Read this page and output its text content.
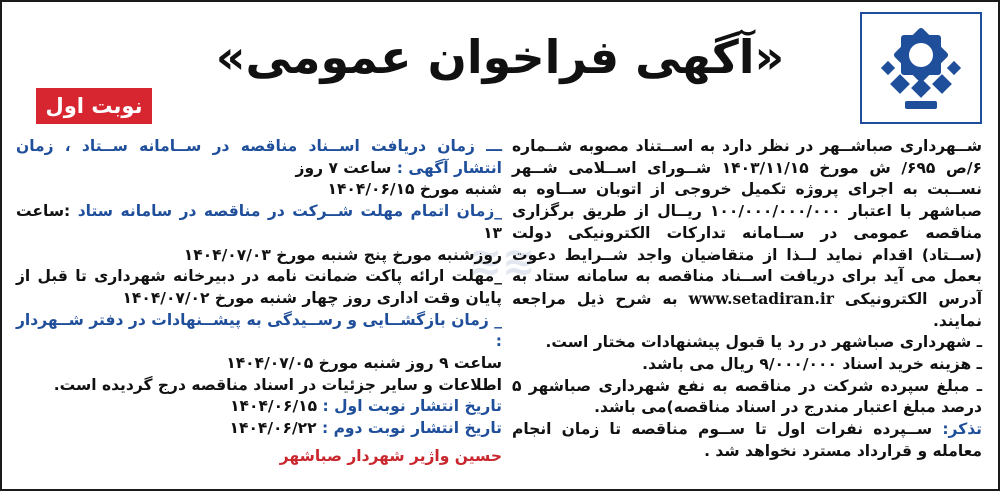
«آگهی فراخوان عمومی»
نوبت اول
≋≋

شــهرداری صباشــهر در نظر دارد به اســتناد مصوبه شــماره ۶/ص ۶۹۵/ ش مورخ ۱۴۰۳/۱۱/۱۵ شــورای اســلامی شــهر نســبت به اجرای پروژه تکمیل خروجی از اتوبان ســاوه به صباشهر با اعتبار ۱۰۰/۰۰۰/۰۰۰/۰۰۰ ریــال از طریق برگزاری مناقصه عمومی در ســامانه تدارکات الکترونیکی دولت (ســتاد) اقدام نماید لــذا از متقاضیان واجد شــرایط دعوت بعمل می آید برای دریافت اســناد مناقصه به سامانه ستاد به آدرس الکترونیکی www.setadiran.ir به شرح ذیل مراجعه نمایند.

ـ شهرداری صباشهر در رد یا قبول پیشنهادات مختار است.

ـ هزینه خرید اسناد ۹/۰۰۰/۰۰۰ ریال می باشد.

ـ مبلغ سپرده شرکت در مناقصه به نفع شهرداری صباشهر ۵ درصد مبلغ اعتبار مندرج در اسناد مناقصه)می باشد.

تذکر: ســپرده نفرات اول تا ســوم مناقصه تا زمان انجام معامله و قرارداد مسترد نخواهد شد .

ـــ زمان دریافت اســناد مناقصه در ســامانه ســتاد ، زمان انتشار آگهی : ساعت ۷ روز

شنبه مورخ ۱۴۰۴/۰۶/۱۵

_زمان اتمام مهلت شــرکت در مناقصه در سامانه ستاد :ساعت ۱۳

روزشنبه مورخ پنج شنبه مورخ ۱۴۰۴/۰۷/۰۳

_مهلت ارائه پاکت ضمانت نامه در دبیرخانه شهرداری تا قبل از پایان وقت اداری روز چهار شنبه مورخ ۱۴۰۴/۰۷/۰۲

_ زمان بازگشــایی و رســیدگی به پیشــنهادات در دفتر شــهردار :

ساعت ۹ روز شنبه مورخ ۱۴۰۴/۰۷/۰۵

اطلاعات و سایر جزئیات در اسناد مناقصه درج گردیده است.

تاریخ انتشار نوبت اول : ۱۴۰۴/۰۶/۱۵

تاریخ انتشار نوبت دوم : ۱۴۰۴/۰۶/۲۲

حسین واژیر شهردار صباشهر
